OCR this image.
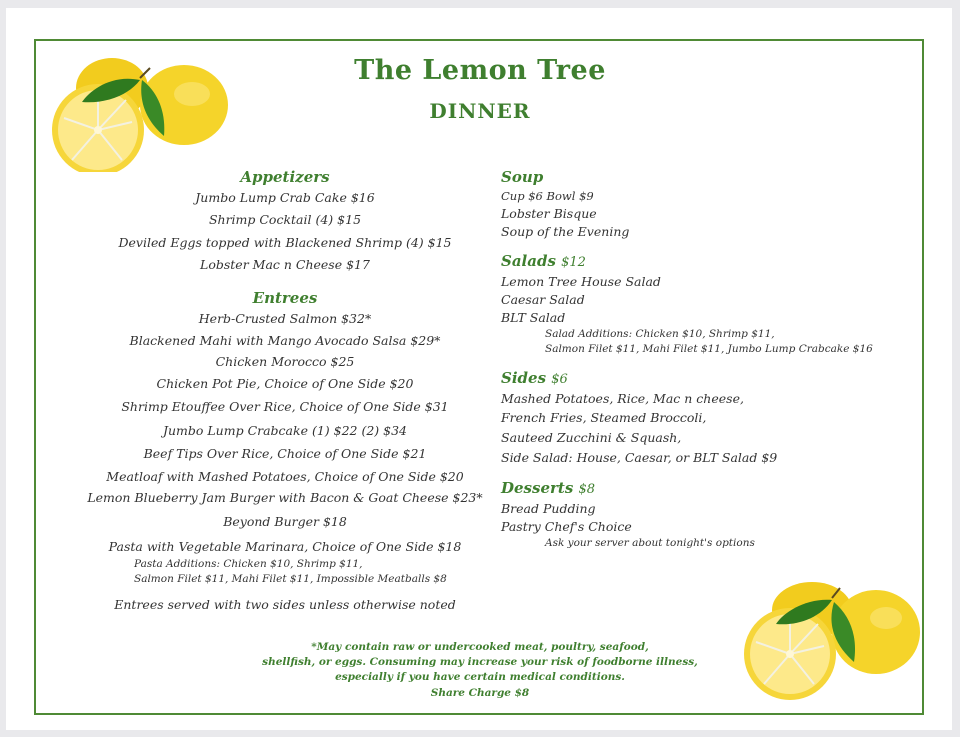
The Lemon Tree
DINNER
Appetizers
Jumbo Lump Crab Cake $16
Shrimp Cocktail (4) $15
Deviled Eggs topped with Blackened Shrimp (4) $15
Lobster Mac n Cheese $17
Entrees
Herb-Crusted Salmon $32*
Blackened Mahi with Mango Avocado Salsa $29*
Chicken Morocco $25
Chicken Pot Pie, Choice of One Side $20
Shrimp Etouffee Over Rice, Choice of One Side $31
Jumbo Lump Crabcake (1) $22 (2) $34
Beef Tips Over Rice, Choice of One Side $21
Meatloaf with Mashed Potatoes, Choice of One Side $20
Lemon Blueberry Jam Burger with Bacon & Goat Cheese $23*
Beyond Burger $18
Pasta with Vegetable Marinara, Choice of One Side $18
Pasta Additions: Chicken $10, Shrimp $11,
Salmon Filet $11, Mahi Filet $11, Impossible Meatballs $8
Entrees served with two sides unless otherwise noted
Soup
Cup $6 Bowl $9
Lobster Bisque
Soup of the Evening
Salads $12
Lemon Tree House Salad
Caesar Salad
BLT Salad
Salad Additions: Chicken $10, Shrimp $11,
Salmon Filet $11, Mahi Filet $11, Jumbo Lump Crabcake $16
Sides $6
Mashed Potatoes, Rice, Mac n cheese,
French Fries, Steamed Broccoli,
Sauteed Zucchini & Squash,
Side Salad: House, Caesar, or BLT Salad $9
Desserts $8
Bread Pudding
Pastry Chef's Choice
Ask your server about tonight's options
*May contain raw or undercooked meat, poultry, seafood,
shellfish, or eggs. Consuming may increase your risk of foodborne illness,
especially if you have certain medical conditions.
Share Charge $8
